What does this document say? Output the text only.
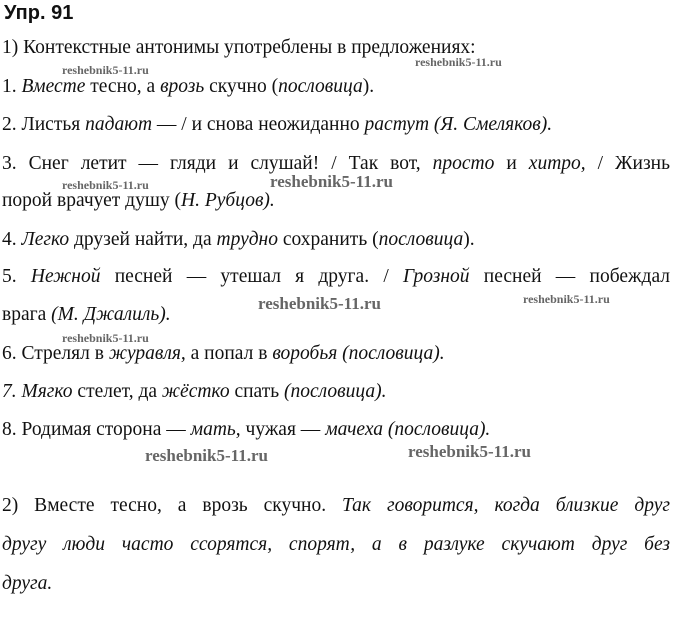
Упр. 91
1) Контекстные антонимы употреблены в предложениях:
1. Вместе тесно, а врозь скучно (пословица).
2. Листья падают — / и снова неожиданно растут (Я. Смеляков).
3. Снег летит — гляди и слушай! / Так вот, просто и хитро, / Жизнь
порой врачует душу (Н. Рубцов).
4. Легко друзей найти, да трудно сохранить (пословица).
5. Нежной песней — утешал я друга. / Грозной песней — побеждал
врага (М. Джалиль).
6. Стрелял в журавля, а попал в воробья (пословица).
7. Мягко стелет, да жёстко спать (пословица).
8. Родимая сторона — мать, чужая — мачеха (пословица).
2) Вместе тесно, а врозь скучно. Так говорится, когда близкие друг
другу люди часто ссорятся, спорят, а в разлуке скучают друг без
друга.
reshebnik5-11.ru
reshebnik5-11.ru
reshebnik5-11.ru	reshebnik5-11.ru
reshebnik5-11.ru	reshebnik5-11.ru
reshebnik5-11.ru
reshebnik5-11.ru	reshebnik5-11.ru
